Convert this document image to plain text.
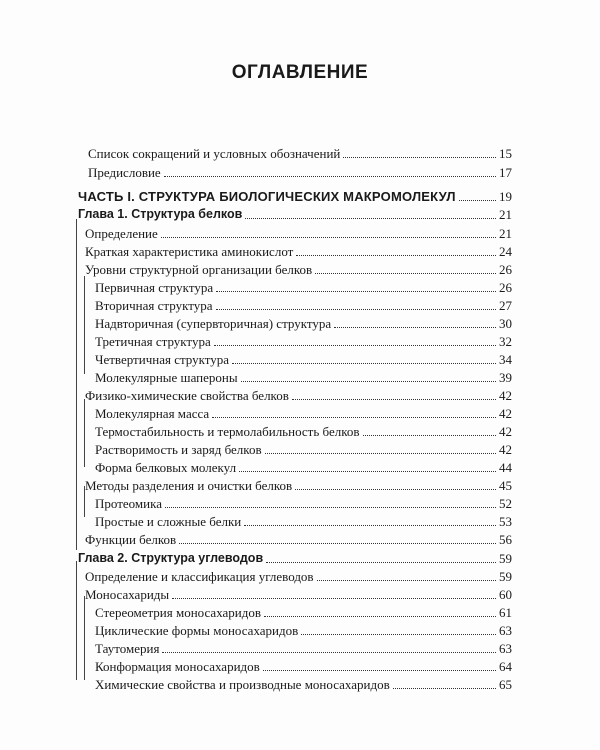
ОГЛАВЛЕНИЕ
Список сокращений и условных обозначений	15
Предисловие	17
ЧАСТЬ I. СТРУКТУРА БИОЛОГИЧЕСКИХ МАКРОМОЛЕКУЛ	19
Глава 1. Структура белков	21
Определение	21
Краткая характеристика аминокислот	24
Уровни структурной организации белков	26
Первичная структура	26
Вторичная структура	27
Надвторичная (супервторичная) структура	30
Третичная структура	32
Четвертичная структура	34
Молекулярные шапероны	39
Физико-химические свойства белков	42
Молекулярная масса	42
Термостабильность и термолабильность белков	42
Растворимость и заряд белков	42
Форма белковых молекул	44
Методы разделения и очистки белков	45
Протеомика	52
Простые и сложные белки	53
Функции белков	56
Глава 2. Структура углеводов	59
Определение и классификация углеводов	59
Моносахариды	60
Стереометрия моносахаридов	61
Циклические формы моносахаридов	63
Таутомерия	63
Конформация моносахаридов	64
Химические свойства и производные моносахаридов	65
